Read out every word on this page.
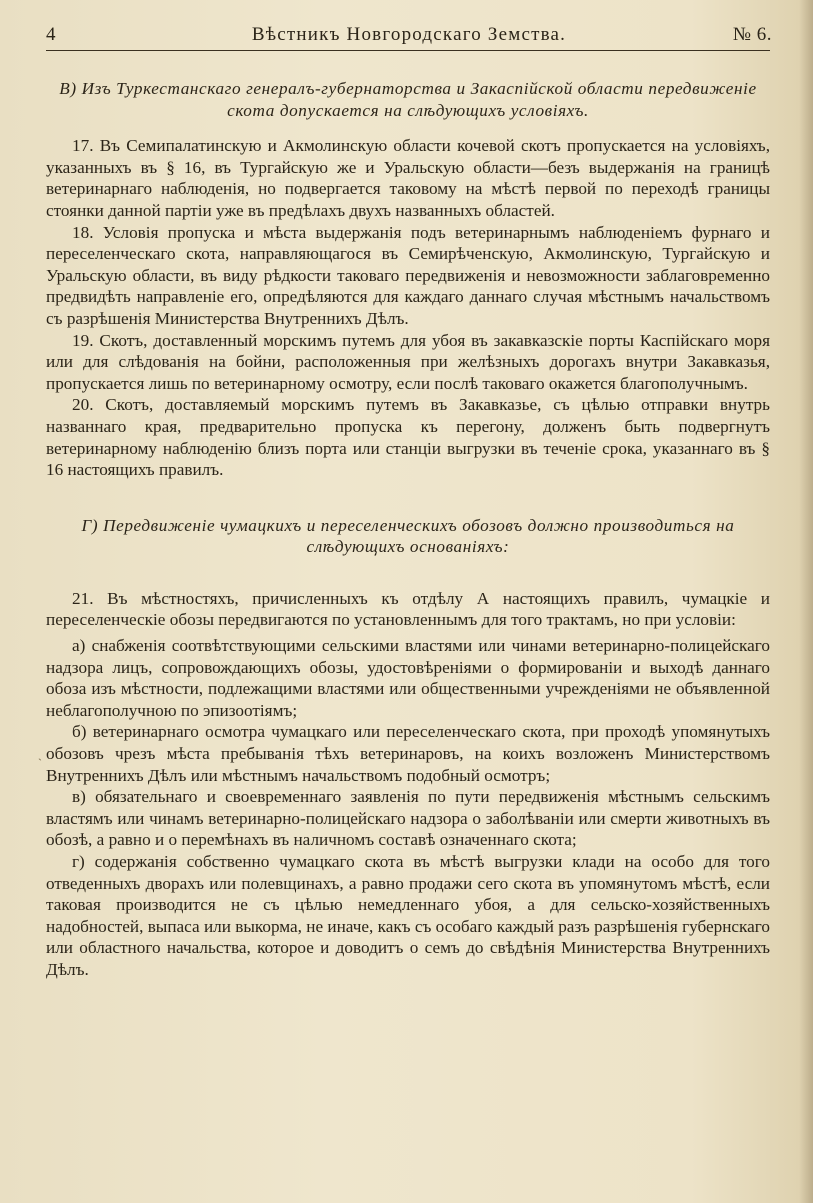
4	Вѣстникъ Новгородскаго Земства.	№ 6.
ˋ

В) Изъ Туркестанскаго генералъ-губернаторства и Закаспійской области передвиженіе скота допускается на слѣдующихъ условіяхъ.

17. Въ Семипалатинскую и Акмолинскую области кочевой скотъ пропускается на условіяхъ, указанныхъ въ § 16, въ Тургайскую же и Уральскую области—безъ выдержанія на границѣ ветеринарнаго наблюденія, но подвергается таковому на мѣстѣ первой по переходѣ границы стоянки данной партіи уже въ предѣлахъ двухъ названныхъ областей.

18. Условія пропуска и мѣста выдержанія подъ ветеринарнымъ наблюденіемъ фурнаго и переселенческаго скота, направляющагося въ Семирѣченскую, Акмолинскую, Тургайскую и Уральскую области, въ виду рѣдкости таковаго передвиженія и невозможности заблаговременно предвидѣть направленіе его, опредѣляются для каждаго даннаго случая мѣстнымъ начальствомъ съ разрѣшенія Министерства Внутреннихъ Дѣлъ.

19. Скотъ, доставленный морскимъ путемъ для убоя въ закавказскіе порты Каспійскаго моря или для слѣдованія на бойни, расположенныя при желѣзныхъ дорогахъ внутри Закавказья, пропускается лишь по ветеринарному осмотру, если послѣ таковаго окажется благополучнымъ.

20. Скотъ, доставляемый морскимъ путемъ въ Закавказье, съ цѣлью отправки внутрь названнаго края, предварительно пропуска къ перегону, долженъ быть подвергнутъ ветеринарному наблюденію близъ порта или станціи выгрузки въ теченіе срока, указаннаго въ § 16 настоящихъ правилъ.

Г) Передвиженіе чумацкихъ и переселенческихъ обозовъ должно производиться на слѣдующихъ основаніяхъ:

21. Въ мѣстностяхъ, причисленныхъ къ отдѣлу А настоящихъ правилъ, чумацкіе и переселенческіе обозы передвигаются по установленнымъ для того трактамъ, но при условіи:

а) снабженія соотвѣтствующими сельскими властями или чинами ветеринарно-полицейскаго надзора лицъ, сопровождающихъ обозы, удостовѣреніями о формированіи и выходѣ даннаго обоза изъ мѣстности, подлежащими властями или общественными учрежденіями не объявленной неблагополучною по эпизоотіямъ;

б) ветеринарнаго осмотра чумацкаго или переселенческаго скота, при проходѣ упомянутыхъ обозовъ чрезъ мѣста пребыванія тѣхъ ветеринаровъ, на коихъ возложенъ Министерствомъ Внутреннихъ Дѣлъ или мѣстнымъ начальствомъ подобный осмотръ;

в) обязательнаго и своевременнаго заявленія по пути передвиженія мѣстнымъ сельскимъ властямъ или чинамъ ветеринарно-полицейскаго надзора о заболѣваніи или смерти животныхъ въ обозѣ, а равно и о перемѣнахъ въ наличномъ составѣ означеннаго скота;

г) содержанія собственно чумацкаго скота въ мѣстѣ выгрузки клади на особо для того отведенныхъ дворахъ или полевщинахъ, а равно продажи сего скота въ упомянутомъ мѣстѣ, если таковая производится не съ цѣлью немедленнаго убоя, а для сельско-хозяйственныхъ надобностей, выпаса или выкорма, не иначе, какъ съ особаго каждый разъ разрѣшенія губернскаго или областного начальства, которое и доводитъ о семъ до свѣдѣнія Министерства Внутреннихъ Дѣлъ.
